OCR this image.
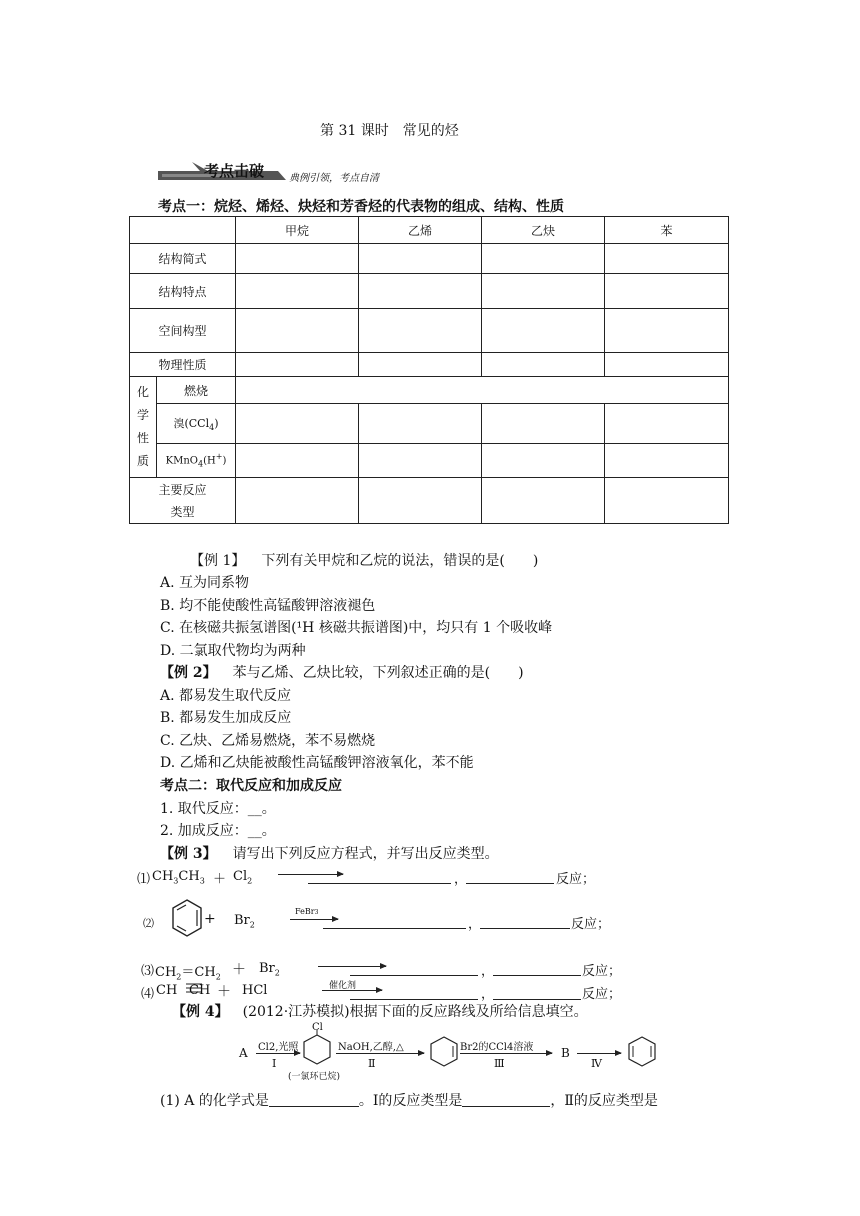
第 31 课时 常见的烃
考点击破 典例引领，考点自清
考点一：烷烃、烯烃、炔烃和芳香烃的代表物的组成、结构、性质
		甲烷	乙烯	乙炔	苯
结构简式					
结构特点					
空间构型					
物理性质					

化学性质	燃烧				
	溴(CCl$_4$)				
	KMnO$_4$(H+)				

主要反应类型					

【例 1】 下列有关甲烷和乙烷的说法，错误的是(　　)
A. 互为同系物
B. 均不能使酸性高锰酸钾溶液褪色
C. 在核磁共振氢谱图(¹H 核磁共振谱图)中，均只有 1 个吸收峰
D. 二氯取代物均为两种
【例 2】 苯与乙烯、乙炔比较，下列叙述正确的是(　　)
A. 都易发生取代反应
B. 都易发生加成反应
C. 乙炔、乙烯易燃烧，苯不易燃烧
D. 乙烯和乙炔能被酸性高锰酸钾溶液氧化，苯不能
考点二：取代反应和加成反应
1. 取代反应：__。
2. 加成反应：__。
【例 3】 请写出下列反应方程式，并写出反应类型。
⑴ $CH_3CH_3 + Cl_2$	，	反应；
⑵	+ $Br_2$
FeBr3
，	反应；
⑶ $CH_2=CH_2 + Br_2$	，	反应；
⑷ CH CH ＋ HCl	催化剂
，	反应；
【例 4】 (2012·江苏模拟)根据下面的反应路线及所给信息填空。
A Cl2,光照
Ⅰ
Cl
(一氯环已烷)
NaOH,乙醇,△
Ⅱ
Br2的CCl4溶液
Ⅲ
B
Ⅳ
(1) A 的化学式是	。Ⅰ的反应类型是	，Ⅱ的反应类型是
